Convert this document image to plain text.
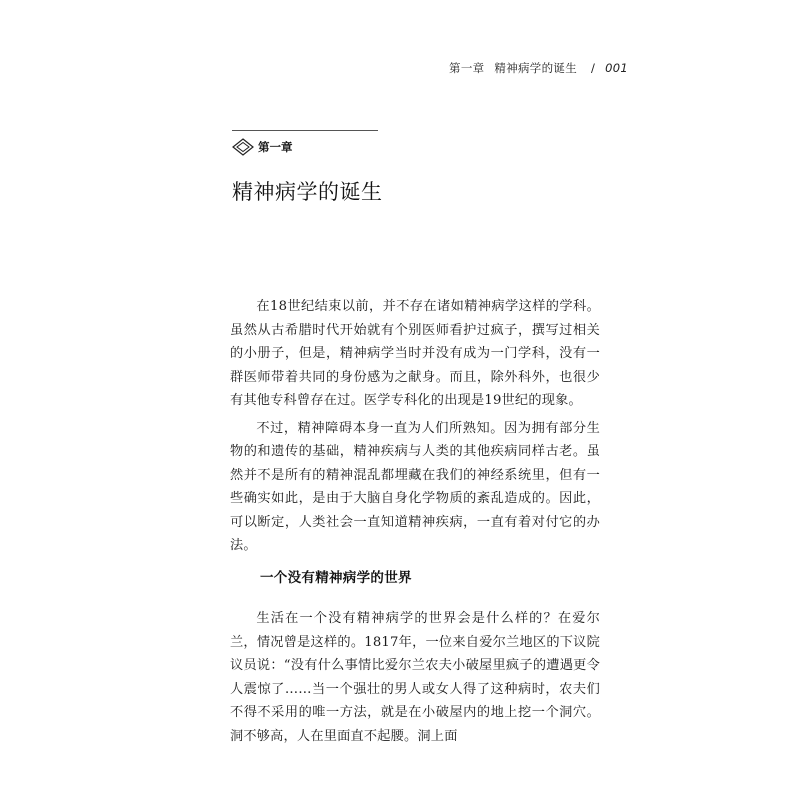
第一章 精神病学的诞生 / 001
第一章
精神病学的诞生

在18世纪结束以前，并不存在诸如精神病学这样的学科。虽然从古希腊时代开始就有个别医师看护过疯子，撰写过相关的小册子，但是，精神病学当时并没有成为一门学科，没有一群医师带着共同的身份感为之献身。而且，除外科外，也很少有其他专科曾存在过。医学专科化的出现是19世纪的现象。

不过，精神障碍本身一直为人们所熟知。因为拥有部分生物的和遗传的基础，精神疾病与人类的其他疾病同样古老。虽然并不是所有的精神混乱都埋藏在我们的神经系统里，但有一些确实如此，是由于大脑自身化学物质的紊乱造成的。因此，可以断定，人类社会一直知道精神疾病，一直有着对付它的办法。

一个没有精神病学的世界

生活在一个没有精神病学的世界会是什么样的？在爱尔兰，情况曾是这样的。1817年，一位来自爱尔兰地区的下议院议员说：“没有什么事情比爱尔兰农夫小破屋里疯子的遭遇更令人震惊了……当一个强壮的男人或女人得了这种病时，农夫们不得不采用的唯一方法，就是在小破屋内的地上挖一个洞穴。洞不够高，人在里面直不起腰。洞上面
